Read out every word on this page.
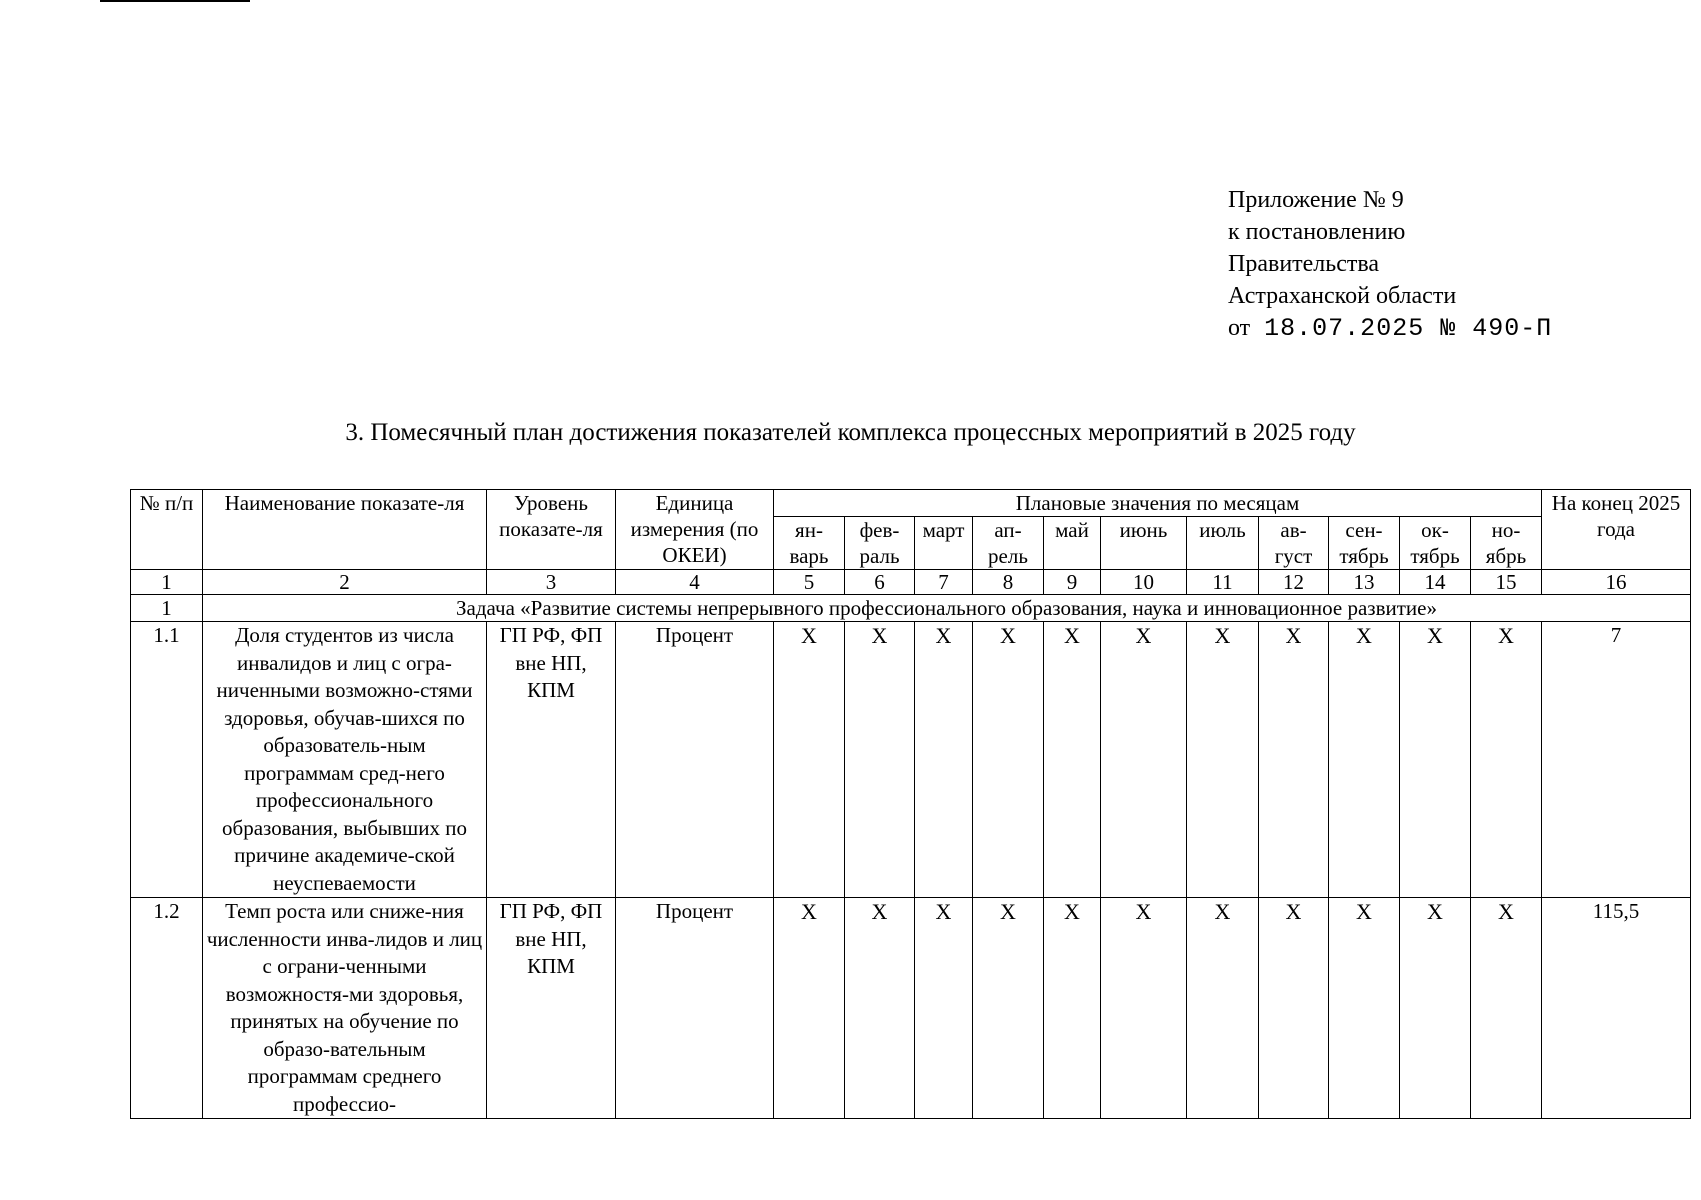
Приложение № 9
к постановлению
Правительства
Астраханской области
от 18.07.2025 № 490-П
3. Помесячный план достижения показателей комплекса процессных мероприятий в 2025 году
№ п/п	Наименование показате-ля	Уровень показате-ля	Единица измерения (по ОКЕИ)	Плановые значения по месяцам											На конец 2025 года
				ян-варь	фев-раль	март	ап-рель	май	июнь	июль	ав-густ	сен-тябрь	ок-тябрь	но-ябрь	
1	2	3	4	5	6	7	8	9	10	11	12	13	14	15	16
1	Задача «Развитие системы непрерывного профессионального образования, наука и инновационное развитие»														
1.1	Доля студентов из числа инвалидов и лиц с огра-ниченными возможно-стями здоровья, обучав-шихся по образователь-ным программам сред-него профессионального образования, выбывших по причине академиче-ской неуспеваемости	ГП РФ, ФП вне НП, КПМ	Процент	X	X	X	X	X	X	X	X	X	X	X	7
1.2	Темп роста или сниже-ния численности инва-лидов и лиц с ограни-ченными возможностя-ми здоровья, принятых на обучение по образо-вательным программам среднего профессио-	ГП РФ, ФП вне НП, КПМ	Процент	X	X	X	X	X	X	X	X	X	X	X	115,5
